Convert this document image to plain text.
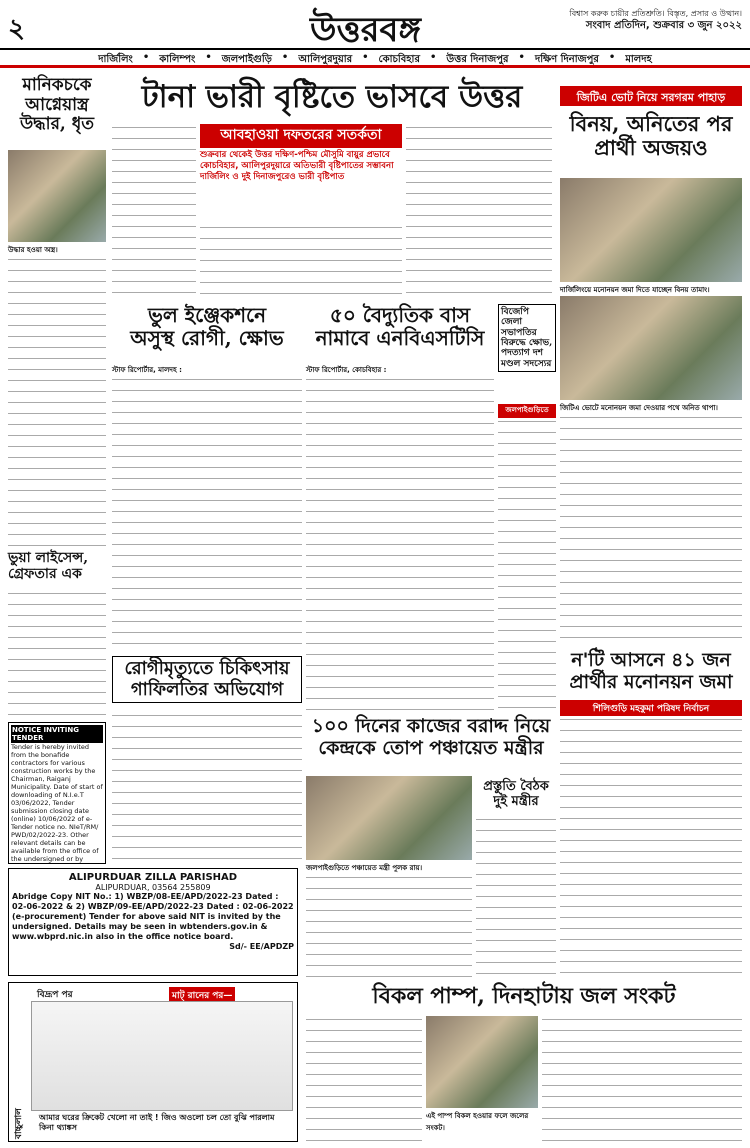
২	উত্তরবঙ্গ	বিশ্বাস করুক চায়ীর প্রতিশ্রুতি। বিস্তৃত, প্রসার ও উত্থান।
সংবাদ প্রতিদিন, শুক্রবার ৩ জুন ২০২২
দার্জিলিং • কালিম্পং • জলপাইগুড়ি • আলিপুরদুয়ার • কোচবিহার • উত্তর দিনাজপুর • দক্ষিণ দিনাজপুর • মালদহ
মানিকচকে আগ্নেয়াস্ত্র উদ্ধার, ধৃত
উদ্ধার হওয়া অস্ত্র।
ভুয়া লাইসেন্স, গ্রেফতার এক
NOTICE INVITING TENDER
Tender is hereby invited from the bonafide contractors for various construction works by the Chairman, Raiganj Municipality. Date of start of downloading of N.I.e.T 03/06/2022, Tender submission closing date (online) 10/06/2022 of e-Tender notice no. NIeT/RM/ PWD/02/2022-23. Other relevant details can be available from the office of the undersigned or by
ALIPURDUAR ZILLA PARISHAD
ALIPURDUAR, 03564 255809
Abridge Copy NIT No.: 1) WBZP/08-EE/APD/2022-23 Dated : 02-06-2022 & 2) WBZP/09-EE/APD/2022-23 Dated : 02-06-2022 (e-procurement) Tender for above said NIT is invited by the undersigned. Details may be seen in wbtenders.gov.in & www.wbprd.nic.in also in the office notice board.
Sd/- EE/APDZP
টানা ভারী বৃষ্টিতে ভাসবে উত্তর
আবহাওয়া দফতরের সতর্কতা
শুক্রবার থেকেই উত্তর দক্ষিণ-পশ্চিম মৌসুমি বায়ুর প্রভাবে
কোচবিহার, আলিপুরদুয়ারে অতিভারী বৃষ্টিপাতের সম্ভাবনা
দার্জিলিং ও দুই দিনাজপুরেও ভারী বৃষ্টিপাত
জিটিএ ভোট নিয়ে সরগরম পাহাড়
বিনয়, অনিতের পর প্রার্থী অজয়ও
দার্জিলিংয়ে মনোনয়ন জমা দিতে যাচ্ছেন বিনয় তামাং।
জিটিএ ভোটে মনোনয়ন জমা দেওয়ার পথে অনিত থাপা।
ভুল ইঞ্জেকশনে
অসুস্থ রোগী, ক্ষোভ
স্টাফ রিপোর্টার, মালদহ :
৫০ বৈদ্যুতিক বাস নামাবে এনবিএসটিসি
স্টাফ রিপোর্টার, কোচবিহার :
বিজেপি জেলা সভাপতির বিরুদ্ধে ক্ষোভ, পদত্যাগ দশ মণ্ডল সদস্যের
জলপাইগুড়িতে
রোগীমৃত্যুতে চিকিৎসায় গাফিলতির অভিযোগ
১০০ দিনের কাজের বরাদ্দ নিয়ে কেন্দ্রকে তোপ পঞ্চায়েত মন্ত্রীর
জলপাইগুড়িতে পঞ্চায়েত মন্ত্রী পুলক রায়।
প্রস্তুতি বৈঠক দুই মন্ত্রীর
ন'টি আসনে ৪১ জন প্রার্থীর মনোনয়ন জমা
শিলিগুড়ি মহকুমা পরিষদ নির্বাচন
বাচ্চুলাল
বিদ্রূপ পর	মাট্ রানের পর—
আমার ঘরের ক্রিকেট খেলো না তাই ! জিও অওলো চল তো বুঝি পারলাম কিনা থ্যাঙ্কস
বিকল পাম্প, দিনহাটায় জল সংকট
এই পাম্প বিকল হওয়ার ফলে জলের সংকট।
